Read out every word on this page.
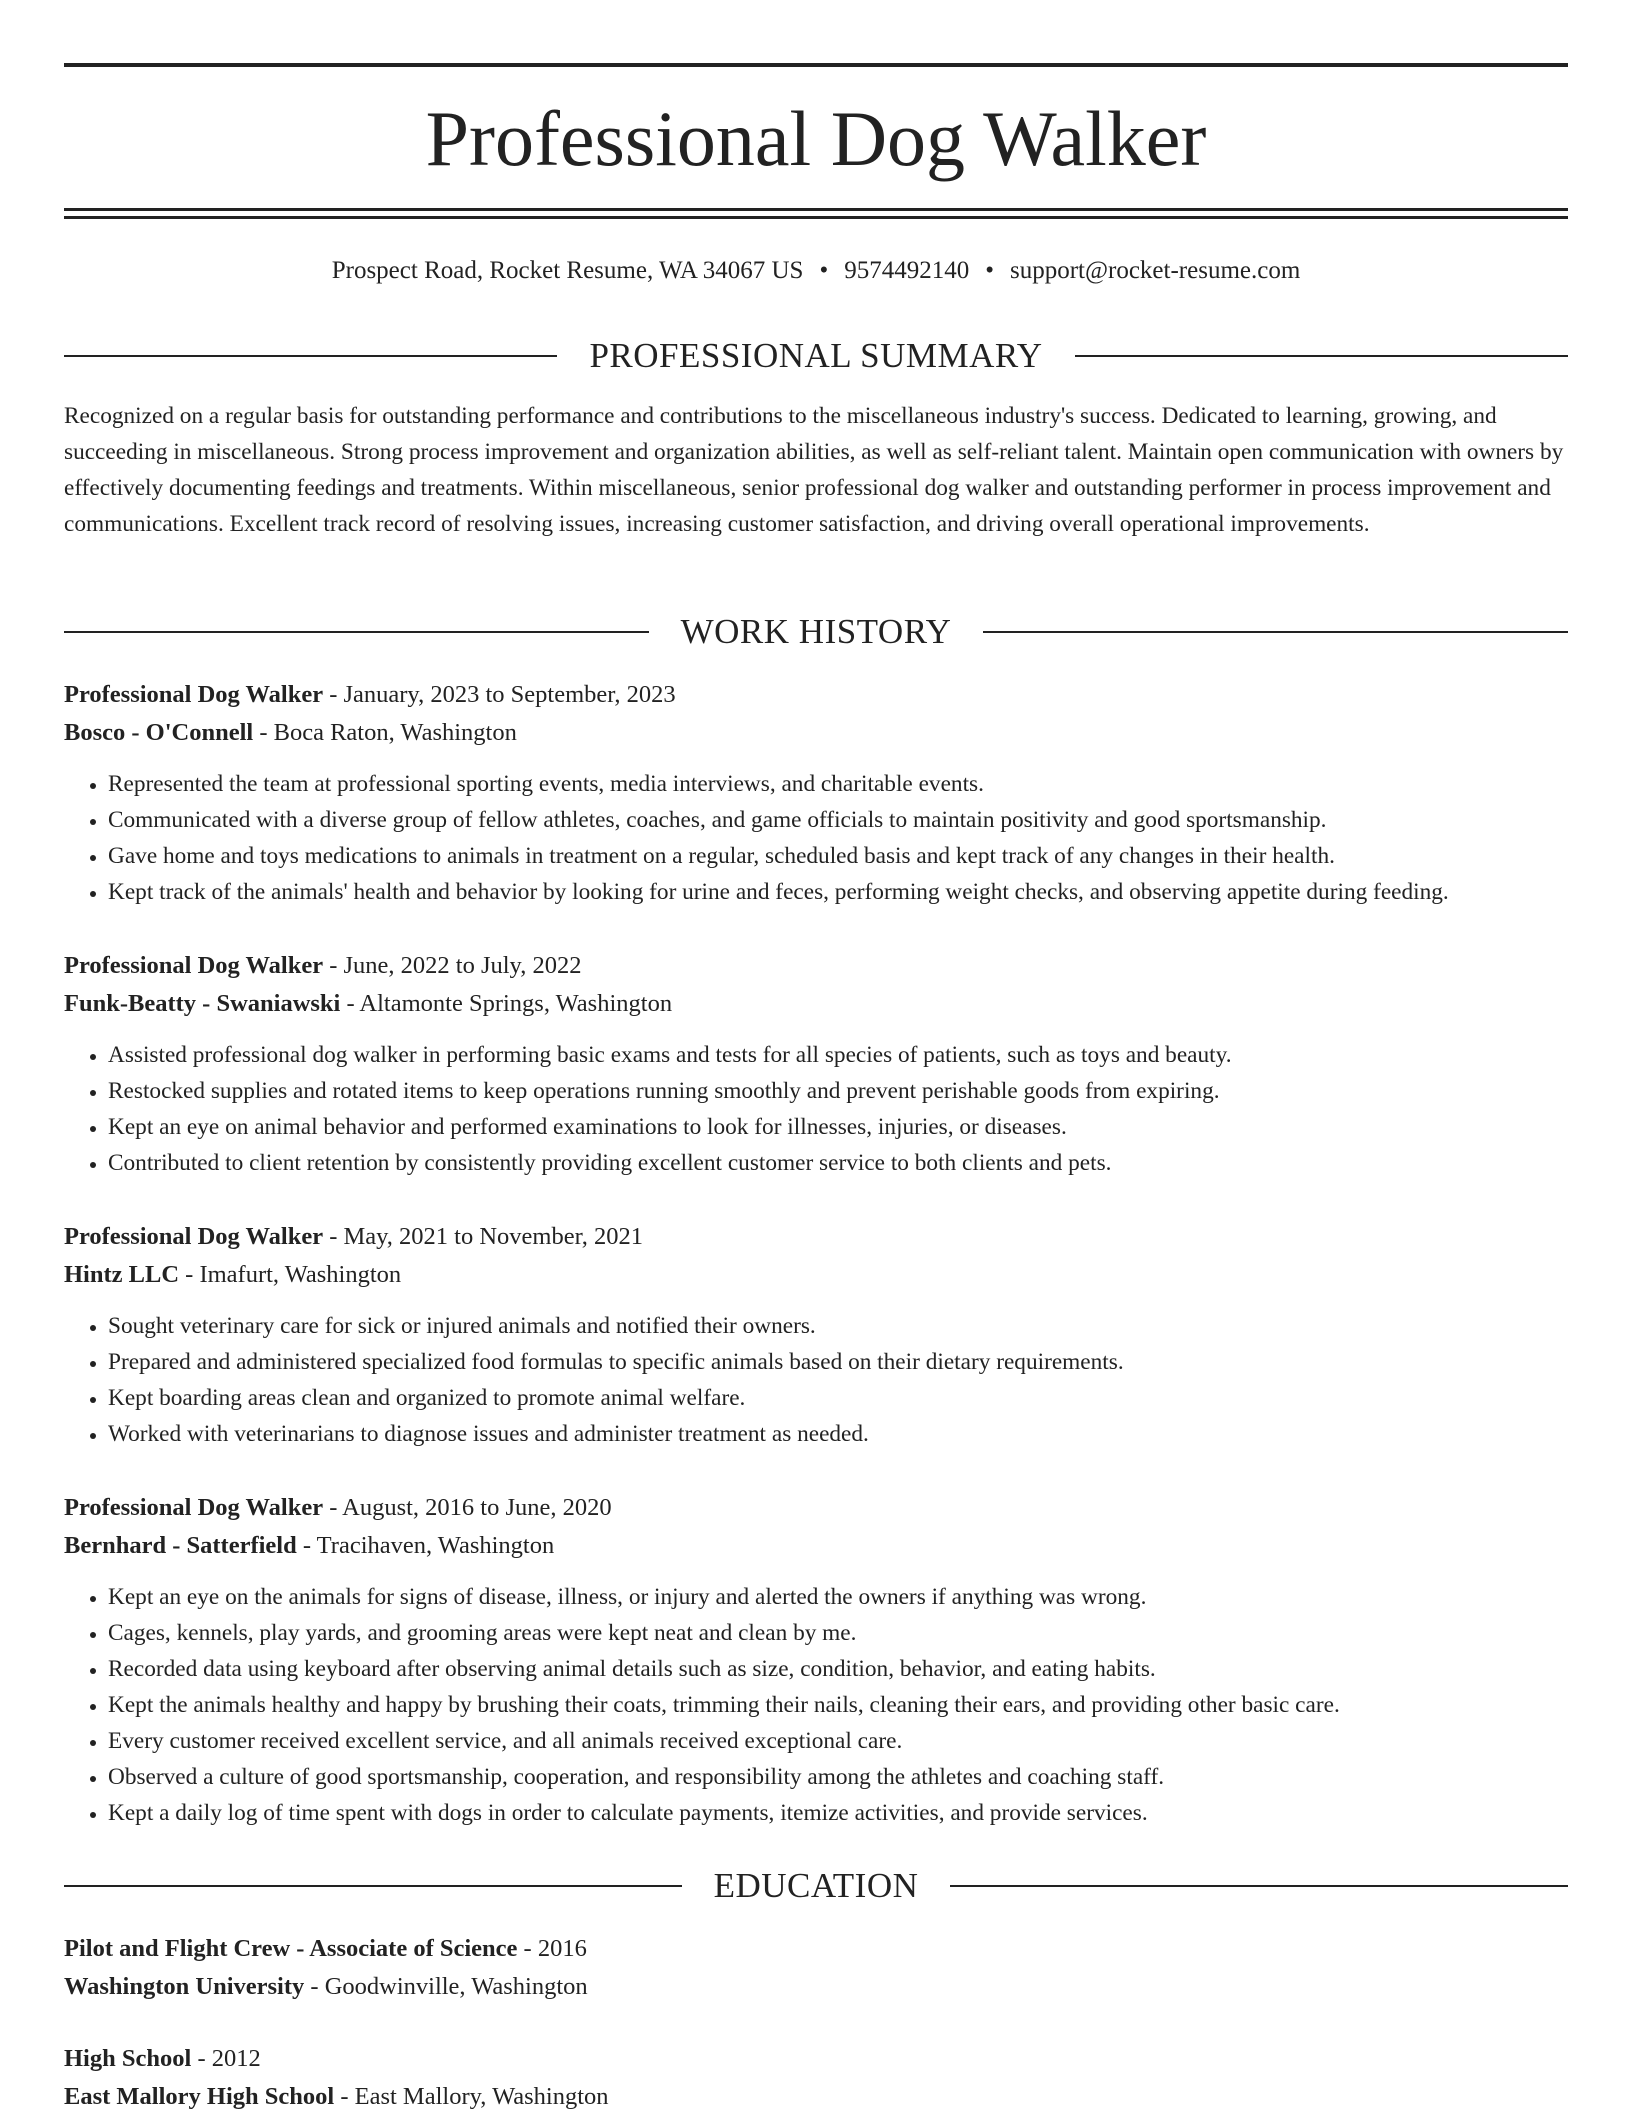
Professional Dog Walker
Prospect Road, Rocket Resume, WA 34067 US • 9574492140 • support@rocket-resume.com
PROFESSIONAL SUMMARY
Recognized on a regular basis for outstanding performance and contributions to the miscellaneous industry's success. Dedicated to learning, growing, and succeeding in miscellaneous. Strong process improvement and organization abilities, as well as self-reliant talent. Maintain open communication with owners by effectively documenting feedings and treatments. Within miscellaneous, senior professional dog walker and outstanding performer in process improvement and communications. Excellent track record of resolving issues, increasing customer satisfaction, and driving overall operational improvements.
WORK HISTORY
Professional Dog Walker - January, 2023 to September, 2023
Bosco - O'Connell - Boca Raton, Washington
• Represented the team at professional sporting events, media interviews, and charitable events.
• Communicated with a diverse group of fellow athletes, coaches, and game officials to maintain positivity and good sportsmanship.
• Gave home and toys medications to animals in treatment on a regular, scheduled basis and kept track of any changes in their health.
• Kept track of the animals' health and behavior by looking for urine and feces, performing weight checks, and observing appetite during feeding.
Professional Dog Walker - June, 2022 to July, 2022
Funk-Beatty - Swaniawski - Altamonte Springs, Washington
• Assisted professional dog walker in performing basic exams and tests for all species of patients, such as toys and beauty.
• Restocked supplies and rotated items to keep operations running smoothly and prevent perishable goods from expiring.
• Kept an eye on animal behavior and performed examinations to look for illnesses, injuries, or diseases.
• Contributed to client retention by consistently providing excellent customer service to both clients and pets.
Professional Dog Walker - May, 2021 to November, 2021
Hintz LLC - Imafurt, Washington
• Sought veterinary care for sick or injured animals and notified their owners.
• Prepared and administered specialized food formulas to specific animals based on their dietary requirements.
• Kept boarding areas clean and organized to promote animal welfare.
• Worked with veterinarians to diagnose issues and administer treatment as needed.
Professional Dog Walker - August, 2016 to June, 2020
Bernhard - Satterfield - Tracihaven, Washington
• Kept an eye on the animals for signs of disease, illness, or injury and alerted the owners if anything was wrong.
• Cages, kennels, play yards, and grooming areas were kept neat and clean by me.
• Recorded data using keyboard after observing animal details such as size, condition, behavior, and eating habits.
• Kept the animals healthy and happy by brushing their coats, trimming their nails, cleaning their ears, and providing other basic care.
• Every customer received excellent service, and all animals received exceptional care.
• Observed a culture of good sportsmanship, cooperation, and responsibility among the athletes and coaching staff.
• Kept a daily log of time spent with dogs in order to calculate payments, itemize activities, and provide services.
EDUCATION
Pilot and Flight Crew - Associate of Science - 2016
Washington University - Goodwinville, Washington
High School - 2012
East Mallory High School - East Mallory, Washington
